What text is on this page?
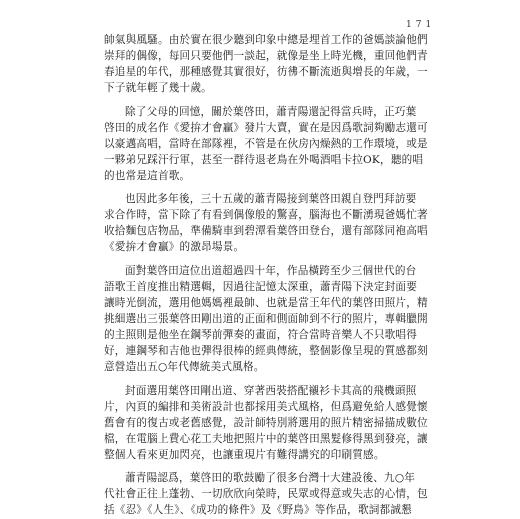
171
帥氣與風騷。由於實在很少聽到印象中總是埋首工作的爸媽談論他們
崇拜的偶像，每回只要他們一談起，就像是坐上時光機，重回他們青
春追星的年代，那種感覺其實很好，彷彿不斷流逝與增長的年歲，一
下子就年輕了幾十歲。
除了父母的回憶，關於葉啓田，蕭青陽還記得當兵時，正巧葉
啓田的成名作《愛拚才會贏》發片大賣，實在是因爲歌詞夠勵志還可
以豪邁高唱，當時在部隊裡，不管是在伙房內燥熱的工作環境，或是
一夥弟兄踩汗行軍，甚至一群待退老鳥在外喝酒唱卡拉OK，聽的唱
的也常是這首歌。
也因此多年後，三十五歲的蕭青陽接到葉啓田親自登門拜訪要
求合作時，當下除了有看到偶像般的驚喜，腦海也不斷湧現爸媽忙著
收拾麵包店物品，準備騎車到碧潭看葉啓田登台，還有部隊同袍高唱
《愛拚才會贏》的激昂場景。
面對葉啓田這位出道超過四十年，作品橫跨至少三個世代的台
語歌王首度推出精選輯，因過往記憶太深重，蕭青陽下決定封面要
讓時光倒流，選用他媽媽裡最帥、也就是當王年代的葉啓田照片，精
挑細選出三張葉啓田剛出道的正面和側面帥到不行的照片，專輯臘開
的主照則是他坐在鋼琴前彈奏的畫面，符合當時音樂人不只歌唱得
好，連鋼琴和吉他也彈得很棒的經典傳統，整個影像呈現的質感都刻
意營造出五○年代傳統美式風格。
封面選用葉啓田剛出道、穿著西裝搭配襯衫卡其高的飛機頭照
片，內頁的編排和美術設計也都採用美式風格，但爲避免給人感覺懷
舊會有的復古或老舊感覺，設計師特別將選用的照片精密掃描成數位
檔，在電腦上費心花工夫地把照片中的葉啓田黑髮修得黑到發亮，讓
整個人看來更加閃亮，也讓重現片有難得講究的印刷質感。
蕭青陽認爲，葉啓田的歌鼓勵了很多台灣十大建設後、九○年
代社會正往上蓬勃、一切欣欣向榮時，民眾或得意或失志的心情，包
括《忍》《人生》、《成功的條件》及《野鳥》等作品，歌詞都誠懇
